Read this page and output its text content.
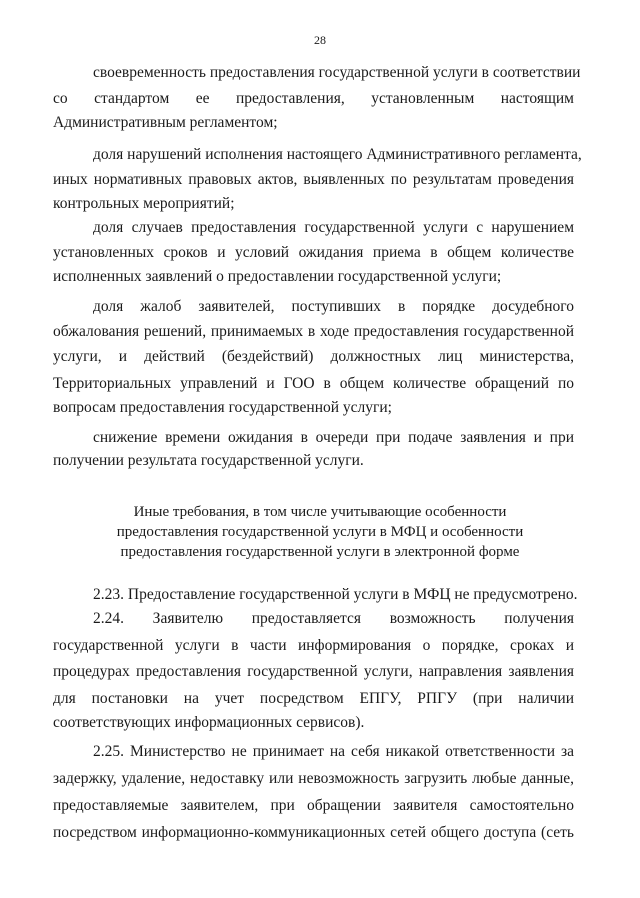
28
своевременность предоставления государственной услуги в соответствии
со стандартом ее предоставления, установленным настоящим
Административным регламентом;
доля нарушений исполнения настоящего Административного регламента,
иных нормативных правовых актов, выявленных по результатам проведения
контрольных мероприятий;
доля случаев предоставления государственной услуги с нарушением
установленных сроков и условий ожидания приема в общем количестве
исполненных заявлений о предоставлении государственной услуги;
доля жалоб заявителей, поступивших в порядке досудебного
обжалования решений, принимаемых в ходе предоставления государственной
услуги, и действий (бездействий) должностных лиц министерства,
Территориальных управлений и ГОО в общем количестве обращений по
вопросам предоставления государственной услуги;
снижение времени ожидания в очереди при подаче заявления и при
получении результата государственной услуги.
Иные требования, в том числе учитывающие особенности
предоставления государственной услуги в МФЦ и особенности
предоставления государственной услуги в электронной форме
2.23. Предоставление государственной услуги в МФЦ не предусмотрено.
2.24. Заявителю предоставляется возможность получения
государственной услуги в части информирования о порядке, сроках и
процедурах предоставления государственной услуги, направления заявления
для постановки на учет посредством ЕПГУ, РПГУ (при наличии
соответствующих информационных сервисов).
2.25. Министерство не принимает на себя никакой ответственности за
задержку, удаление, недоставку или невозможность загрузить любые данные,
предоставляемые заявителем, при обращении заявителя самостоятельно
посредством информационно-коммуникационных сетей общего доступа (сеть
